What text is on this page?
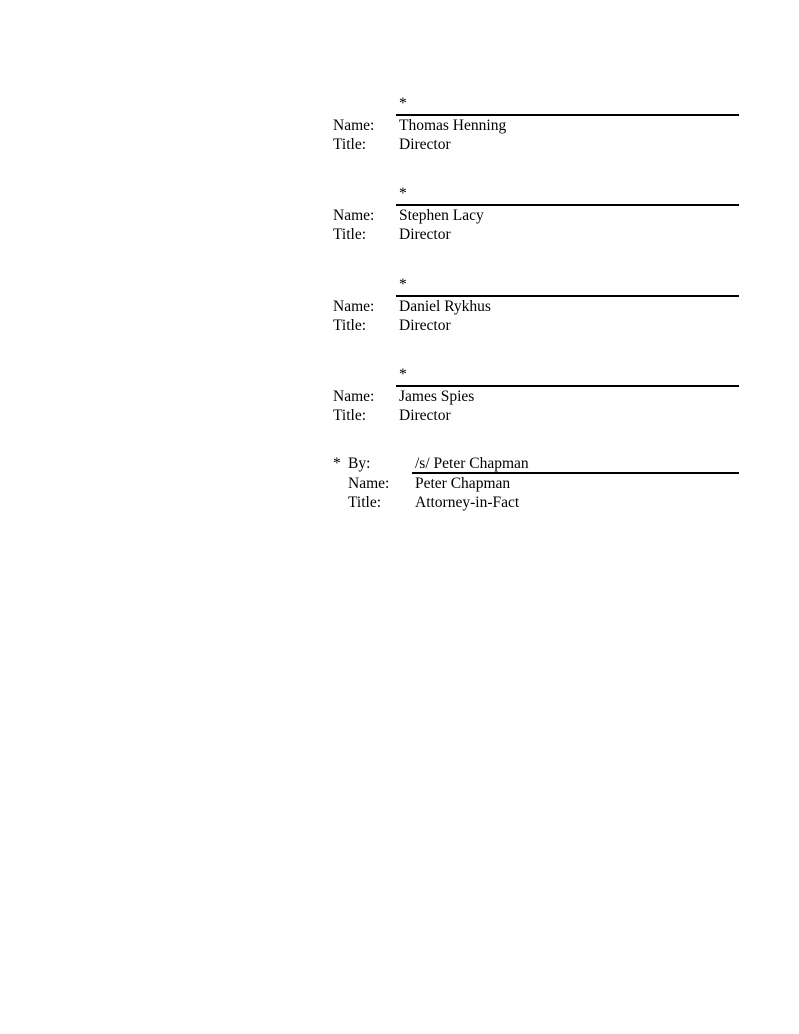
*
Name: Thomas Henning
Title: Director
*
Name: Stephen Lacy
Title: Director
*
Name: Daniel Rykhus
Title: Director
*
Name: James Spies
Title: Director
* By:	/s/ Peter Chapman
Name: Peter Chapman
Title: Attorney-in-Fact
